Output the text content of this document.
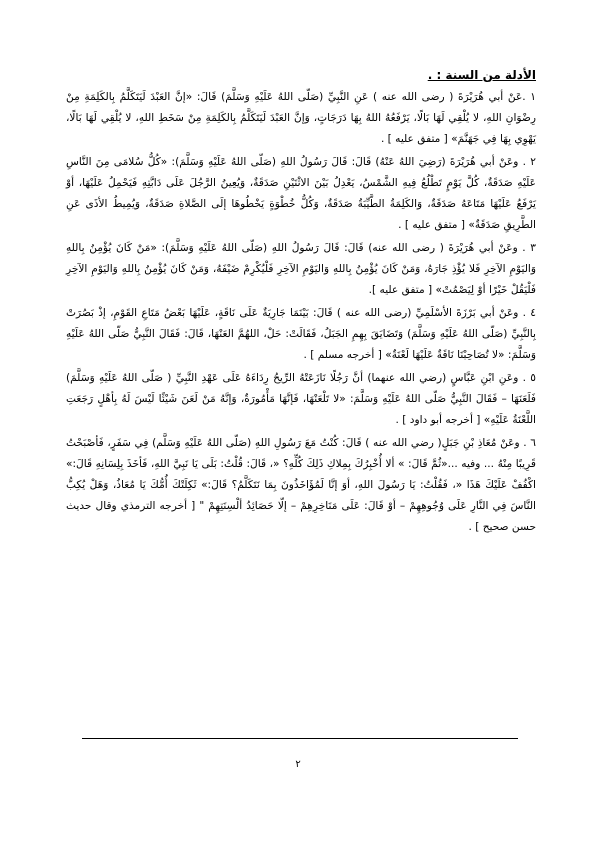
الأدلة من السنة : .

١ .عَنْ أبي هُرَيْرَةَ ( رضى الله عنه ) عَنِ النَّبِيِّ (صَلّى اللهُ عَلَيْهِ وَسَلَّمَ) قَالَ: «إنَّ العَبْدَ لَيَتَكَلَّمُ بِالكَلِمَةِ مِنْ رِضْوَانِ اللهِ، لا يُلْقِي لَهَا بَالًا، يَرْفَعُهُ اللهُ بِهَا دَرَجَاتٍ، وَإنَّ العَبْدَ لَيَتَكَلَّمُ بِالكَلِمَةِ مِنْ سَخَطِ اللهِ، لا يُلْقِي لَهَا بَالًا، يَهْوِي بِهَا فِي جَهَنَّمَ» [ متفق عليه ] .

٢ . وعَنْ أبي هُرَيْرَةَ (رَضِيَ اللهُ عَنْهُ) قَالَ: قَالَ رَسُولُ اللهِ (صَلّى اللهُ عَلَيْهِ وَسَلَّمَ): «كُلُّ سُلامَى مِنَ النَّاسِ عَلَيْهِ صَدَقَةٌ، كُلَّ يَوْمٍ تَطْلُعُ فِيهِ الشَّمْسُ، يَعْدِلُ بَيْنَ الاثْنَيْنِ صَدَقَةٌ، وَيُعِينُ الرَّجُلَ عَلَى دَابَّتِهِ فَيَحْمِلُ عَلَيْهَا، أوْ يَرْفَعُ عَلَيْهَا مَتَاعَهُ صَدَقَةٌ، وَالكَلِمَةُ الطَّيِّبَةُ صَدَقَةٌ، وَكُلُّ خُطْوَةٍ يَخْطُوهَا إلَى الصَّلاةِ صَدَقَةٌ، وَيُمِيطُ الأذَى عَنِ الطَّرِيقِ صَدَقَةٌ» [ متفق عليه ] .

٣ . وعَنْ أبي هُرَيْرَةَ ( رضى الله عنه) قَالَ: قَالَ رَسُولُ اللهِ (صَلّى اللهُ عَلَيْهِ وَسَلَّمَ): «مَنْ كَانَ يُؤْمِنُ بِاللهِ وَاليَوْمِ الآخِرِ فَلا يُؤْذِ جَارَهُ، وَمَنْ كَانَ يُؤْمِنُ بِاللهِ وَاليَوْمِ الآخِرِ فَلْيُكْرِمْ ضَيْفَهُ، وَمَنْ كَانَ يُؤْمِنُ بِاللهِ وَاليَوْمِ الآخِرِ فَلْيَقُلْ خَيْرًا أوْ لِيَصْمُتْ» [ متفق عليه ].

٤ . وعَنْ أبي بَرْزَةَ الأسْلَمِيِّ (رضى الله عنه ) قَالَ: بَيْنَمَا جَارِيَةٌ عَلَى نَاقَةٍ، عَلَيْهَا بَعْضُ مَتَاعِ القَوْمِ، إذْ بَصُرَتْ بِالنَّبِيِّ (صَلّى اللهُ عَلَيْهِ وَسَلَّمَ) وَتَضَايَقَ بِهِمِ الجَبَلُ، فَقَالَتْ: حَلْ، اللهُمَّ العَنْهَا، قَالَ: فَقَالَ النَّبِيُّ صَلّى اللهُ عَلَيْهِ وَسَلَّمَ: «لا تُصَاحِبْنَا نَاقَةٌ عَلَيْهَا لَعْنَةٌ» [ أخرجه مسلم ] .

٥ . وعَنِ ابْنِ عَبَّاسٍ (رضي الله عنهما) أنَّ رَجُلًا نَازَعَتْهُ الرِّيحُ رِدَاءَهُ عَلَى عَهْدِ النَّبِيِّ ( صَلّى اللهُ عَلَيْهِ وَسَلَّمَ) فَلَعَنَهَا – فَقَالَ النَّبِيُّ صَلّى اللهُ عَلَيْهِ وَسَلَّمَ: «لا تَلْعَنْهَا، فَإنَّهَا مَأْمُورَةٌ، وَإنَّهُ مَنْ لَعَنَ شَيْئًا لَيْسَ لَهُ بِأهْلٍ رَجَعَتِ اللَّعْنَةُ عَلَيْهِ» [ أخرجه أبو داود ] .

٦ . وعَنْ مُعَاذِ بْنِ جَبَلٍ( رضي الله عنه ) قَالَ: كُنْتُ مَعَ رَسُولِ اللهِ (صَلّى اللهُ عَلَيْهِ وَسَلَّم) فِي سَفَرٍ، فَأصْبَحْتُ قَرِيبًا مِنْهُ ... وفيه ...«ثُمَّ قَالَ: » ألا أُخْبِرُكَ بِمِلاكِ ذَلِكَ كُلِّهِ؟ «، قَالَ: قُلْتُ: بَلَى يَا نَبِيَّ اللهِ، فَأخَذَ بِلِسَانِهِ قَالَ:» اكْفُفْ عَلَيْكَ هَذَا «، فَقُلْتُ: يَا رَسُولَ اللهِ، أوَ إنَّا لَمُؤَاخَذُونَ بِمَا نَتَكَلَّمُ؟ قَالَ:» ثَكِلَتْكَ أُمُّكَ يَا مُعَاذُ، وَهَلْ يُكِبُّ النَّاسَ فِي النَّارِ عَلَى وُجُوهِهِمْ – أوْ قَالَ: عَلَى مَنَاخِرِهِمْ – إلّا حَصَائِدُ ألْسِنَتِهِمْ " [ أخرجه الترمذي وقال حديث حسن صحيح ] .

٢
